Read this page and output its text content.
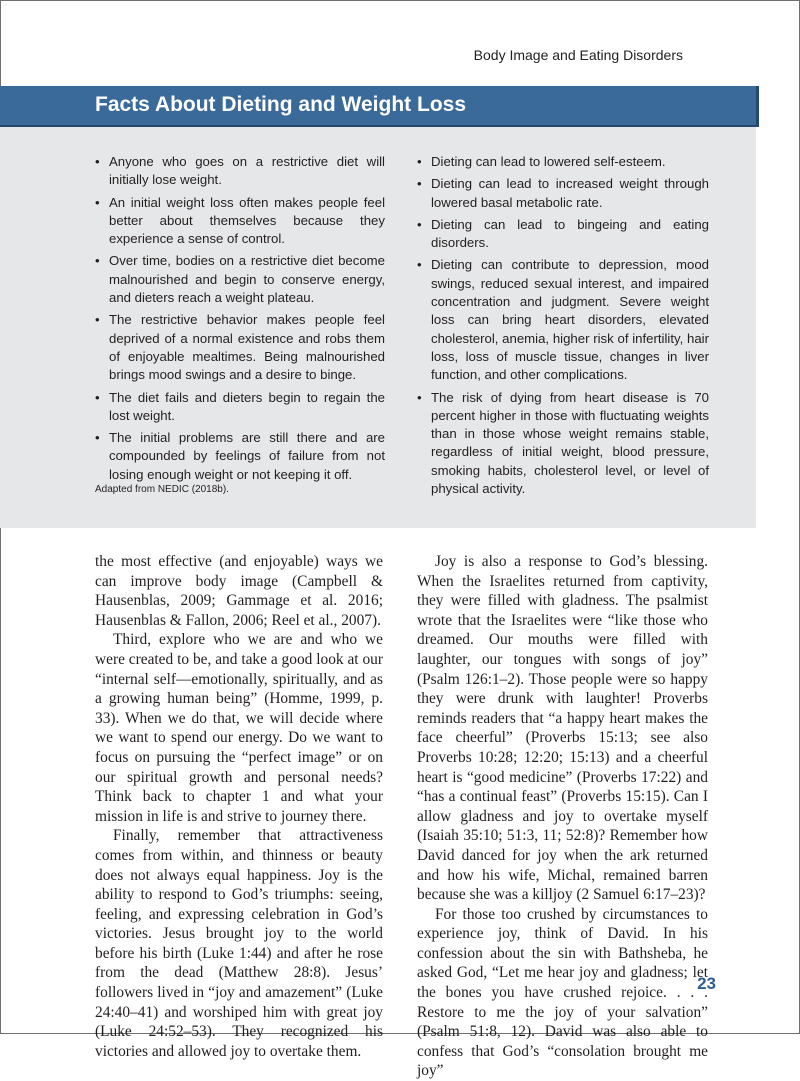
Body Image and Eating Disorders
Facts About Dieting and Weight Loss
• Anyone who goes on a restrictive diet will initially lose weight.
• An initial weight loss often makes people feel better about themselves because they experience a sense of control.
• Over time, bodies on a restrictive diet become malnourished and begin to conserve energy, and dieters reach a weight plateau.
• The restrictive behavior makes people feel deprived of a normal existence and robs them of enjoyable mealtimes. Being malnourished brings mood swings and a desire to binge.
• The diet fails and dieters begin to regain the lost weight.
• The initial problems are still there and are compounded by feelings of failure from not losing enough weight or not keeping it off.
• Dieting can lead to lowered self-esteem.
• Dieting can lead to increased weight through lowered basal metabolic rate.
• Dieting can lead to bingeing and eating disorders.
• Dieting can contribute to depression, mood swings, reduced sexual interest, and impaired concentration and judgment. Severe weight loss can bring heart disorders, elevated cholesterol, anemia, higher risk of infertility, hair loss, loss of muscle tissue, changes in liver function, and other complications.
• The risk of dying from heart disease is 70 percent higher in those with fluctuating weights than in those whose weight remains stable, regardless of initial weight, blood pressure, smoking habits, cholesterol level, or level of physical activity.
Adapted from NEDIC (2018b).

the most effective (and enjoyable) ways we can improve body image (Campbell & Hausenblas, 2009; Gammage et al. 2016; Hausenblas & Fallon, 2006; Reel et al., 2007).

Third, explore who we are and who we were created to be, and take a good look at our “internal self—emotionally, spiritually, and as a growing human being” (Homme, 1999, p. 33). When we do that, we will decide where we want to spend our energy. Do we want to focus on pursuing the “perfect image” or on our spiritual growth and personal needs? Think back to chapter 1 and what your mission in life is and strive to journey there.

Finally, remember that attractiveness comes from within, and thinness or beauty does not always equal happiness. Joy is the ability to respond to God’s triumphs: seeing, feeling, and expressing celebration in God’s victories. Jesus brought joy to the world before his birth (Luke 1:44) and after he rose from the dead (Matthew 28:8). Jesus’ followers lived in “joy and amazement” (Luke 24:40–41) and worshiped him with great joy (Luke 24:52–53). They recognized his victories and allowed joy to overtake them.

Joy is also a response to God’s blessing. When the Israelites returned from captivity, they were filled with gladness. The psalmist wrote that the Israelites were “like those who dreamed. Our mouths were filled with laughter, our tongues with songs of joy” (Psalm 126:1–2). Those people were so happy they were drunk with laughter! Proverbs reminds readers that “a happy heart makes the face cheerful” (Proverbs 15:13; see also Proverbs 10:28; 12:20; 15:13) and a cheerful heart is “good medicine” (Proverbs 17:22) and “has a continual feast” (Proverbs 15:15). Can I allow gladness and joy to overtake myself (Isaiah 35:10; 51:3, 11; 52:8)? Remember how David danced for joy when the ark returned and how his wife, Michal, remained barren because she was a killjoy (2 Samuel 6:17–23)?

For those too crushed by circumstances to experience joy, think of David. In his confession about the sin with Bathsheba, he asked God, “Let me hear joy and gladness; let the bones you have crushed rejoice. . . . Restore to me the joy of your salvation” (Psalm 51:8, 12). David was also able to confess that God’s “consolation brought me joy”

23
